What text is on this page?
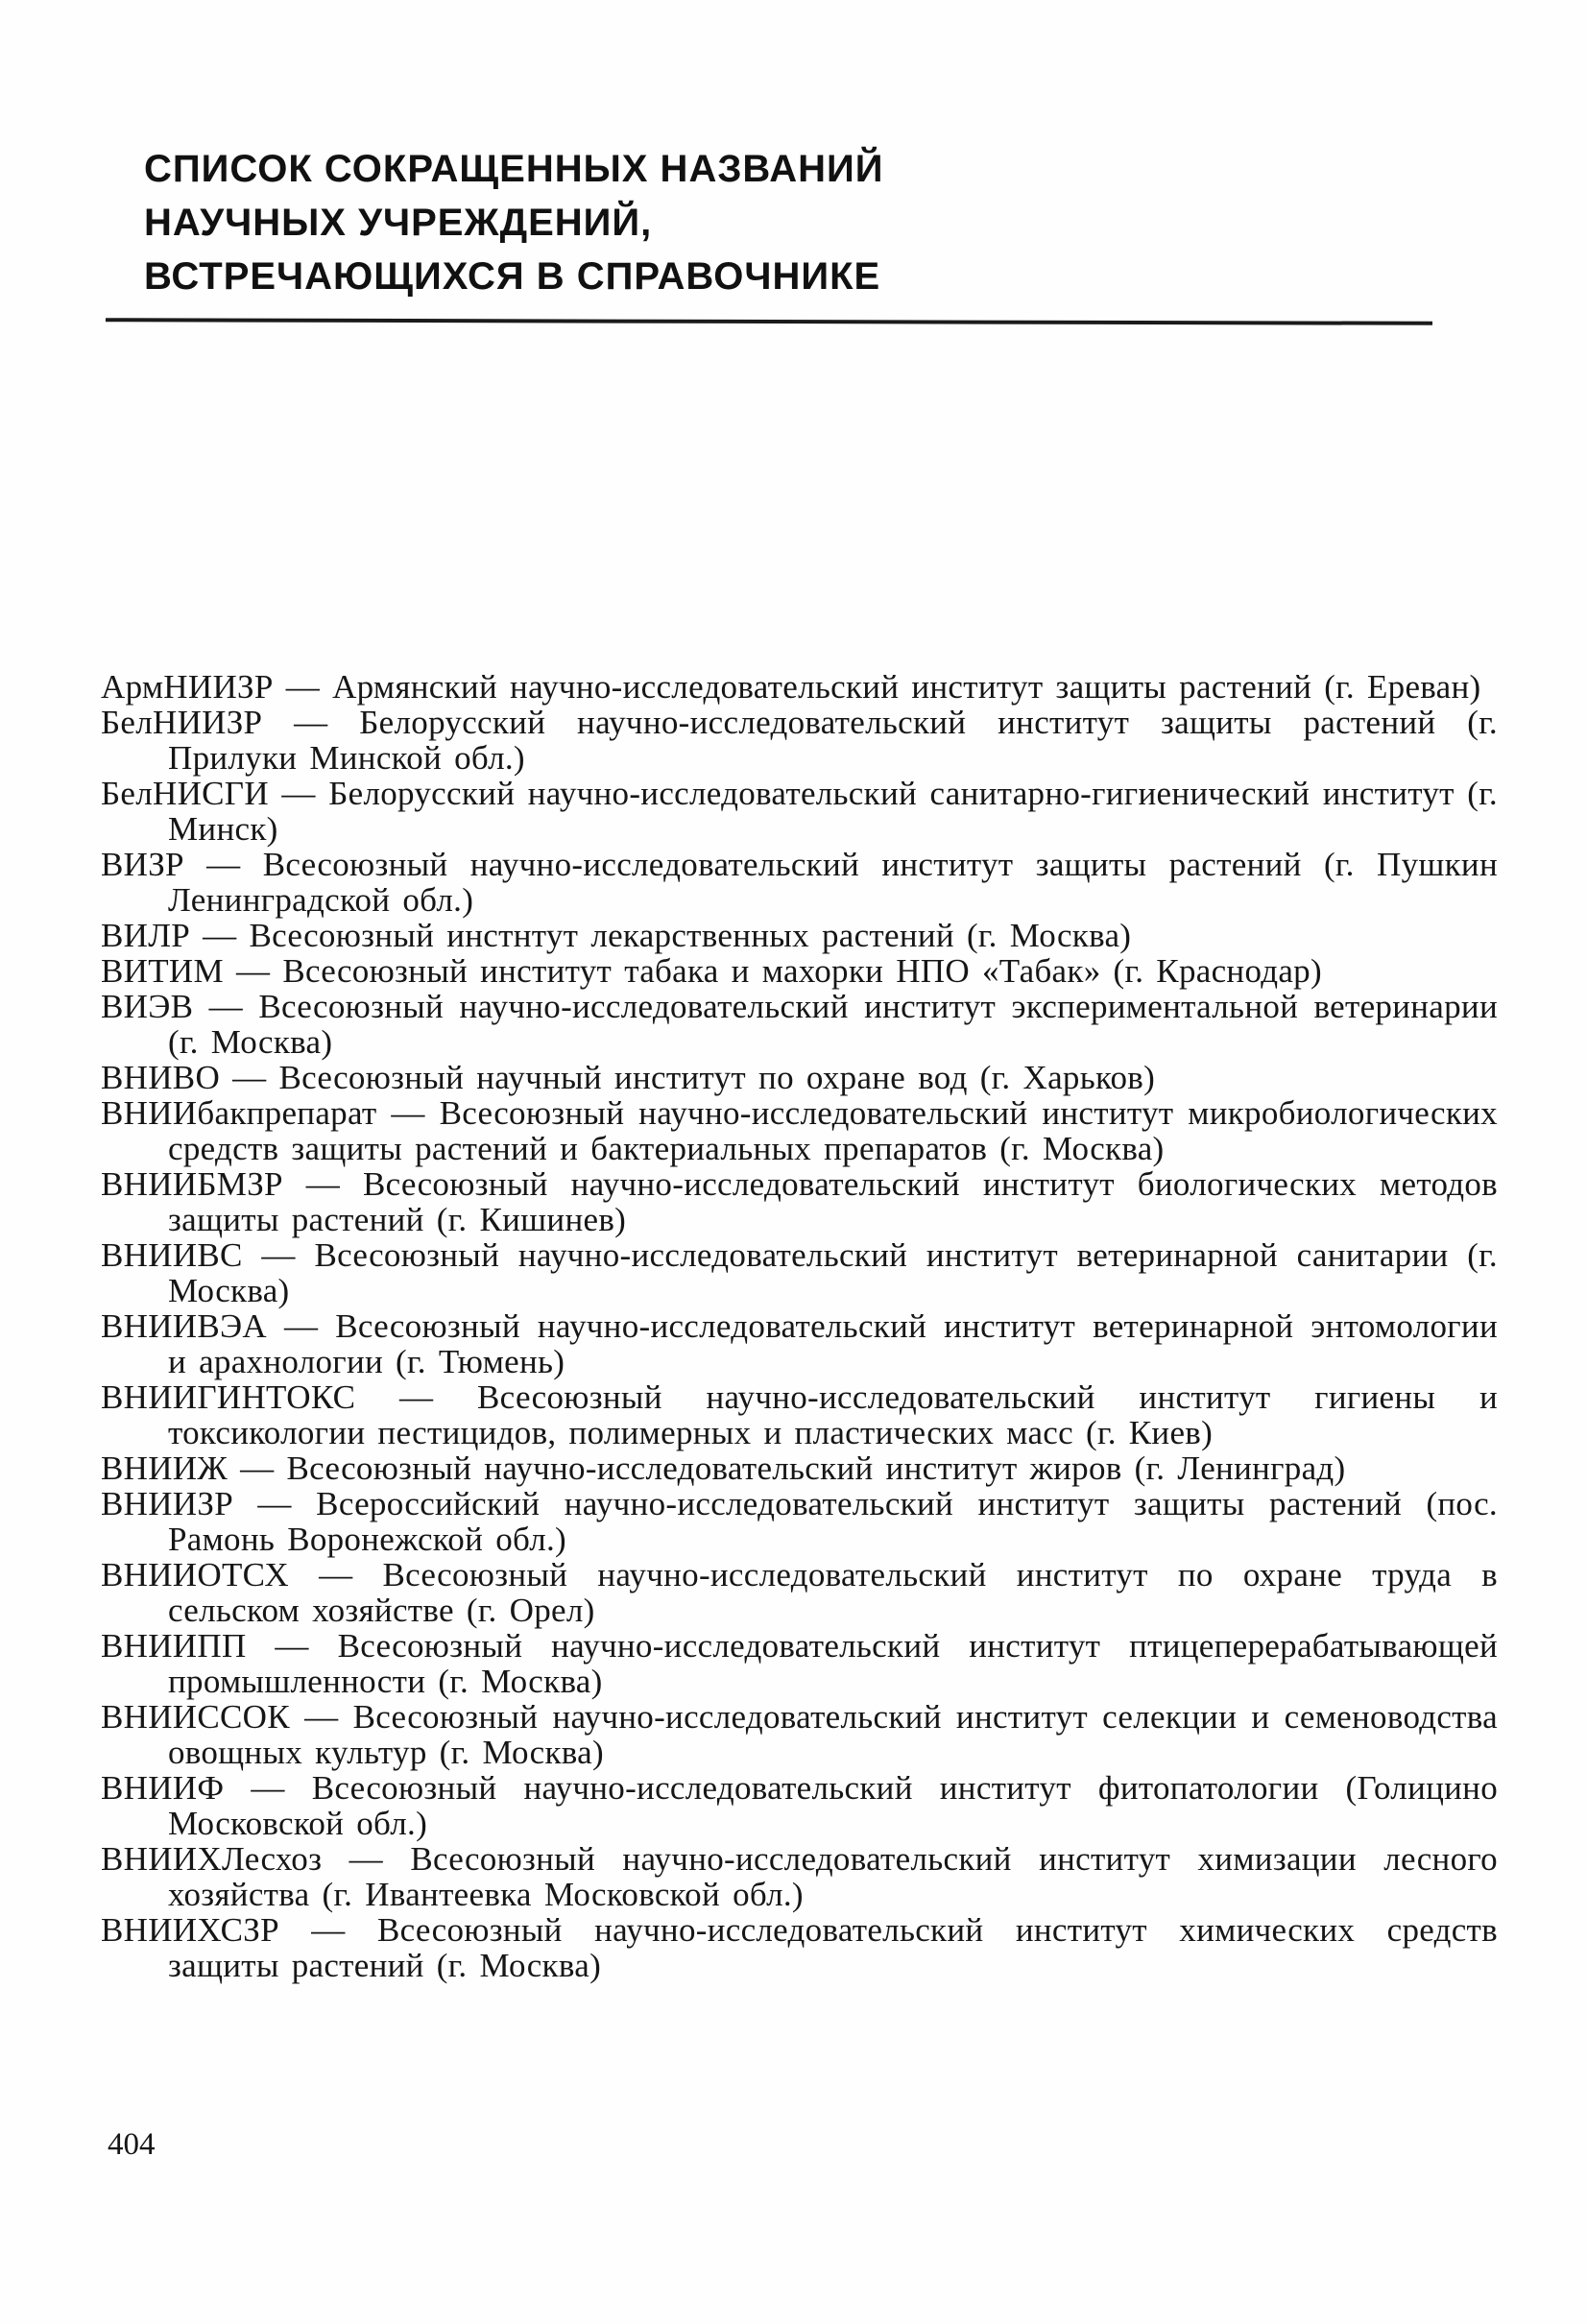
СПИСОК СОКРАЩЕННЫХ НАЗВАНИЙ
НАУЧНЫХ УЧРЕЖДЕНИЙ,
ВСТРЕЧАЮЩИХСЯ В СПРАВОЧНИКЕ

АрмНИИЗР — Армянский научно-исследовательский институт защиты растений (г. Ереван)

БелНИИЗР — Белорусский научно-исследовательский институт защиты растений (г. Прилуки Минской обл.)

БелНИСГИ — Белорусский научно-исследовательский санитарно-гигиенический институт (г. Минск)

ВИЗР — Всесоюзный научно-исследовательский институт защиты растений (г. Пушкин Ленинградской обл.)

ВИЛР — Всесоюзный инстнтут лекарственных растений (г. Москва)

ВИТИМ — Всесоюзный институт табака и махорки НПО «Табак» (г. Краснодар)

ВИЭВ — Всесоюзный научно-исследовательский институт экспериментальной ветеринарии (г. Москва)

ВНИВО — Всесоюзный научный институт по охране вод (г. Харьков)

ВНИИбакпрепарат — Всесоюзный научно-исследовательский институт микробиологических средств защиты растений и бактериальных препаратов (г. Москва)

ВНИИБМЗР — Всесоюзный научно-исследовательский институт биологических методов защиты растений (г. Кишинев)

ВНИИВС — Всесоюзный научно-исследовательский институт ветеринарной санитарии (г. Москва)

ВНИИВЭА — Всесоюзный научно-исследовательский институт ветеринарной энтомологии и арахнологии (г. Тюмень)

ВНИИГИНТОКС — Всесоюзный научно-исследовательский институт гигиены и токсикологии пестицидов, полимерных и пластических масс (г. Киев)

ВНИИЖ — Всесоюзный научно-исследовательский институт жиров (г. Ленинград)

ВНИИЗР — Всероссийский научно-исследовательский институт защиты растений (пос. Рамонь Воронежской обл.)

ВНИИОТСХ — Всесоюзный научно-исследовательский институт по охране труда в сельском хозяйстве (г. Орел)

ВНИИПП — Всесоюзный научно-исследовательский институт птицеперерабатывающей промышленности (г. Москва)

ВНИИССОК — Всесоюзный научно-исследовательский институт селекции и семеноводства овощных культур (г. Москва)

ВНИИФ — Всесоюзный научно-исследовательский институт фитопатологии (Голицино Московской обл.)

ВНИИХЛесхоз — Всесоюзный научно-исследовательский институт химизации лесного хозяйства (г. Ивантеевка Московской обл.)

ВНИИХСЗР — Всесоюзный научно-исследовательский институт химических средств защиты растений (г. Москва)

404
